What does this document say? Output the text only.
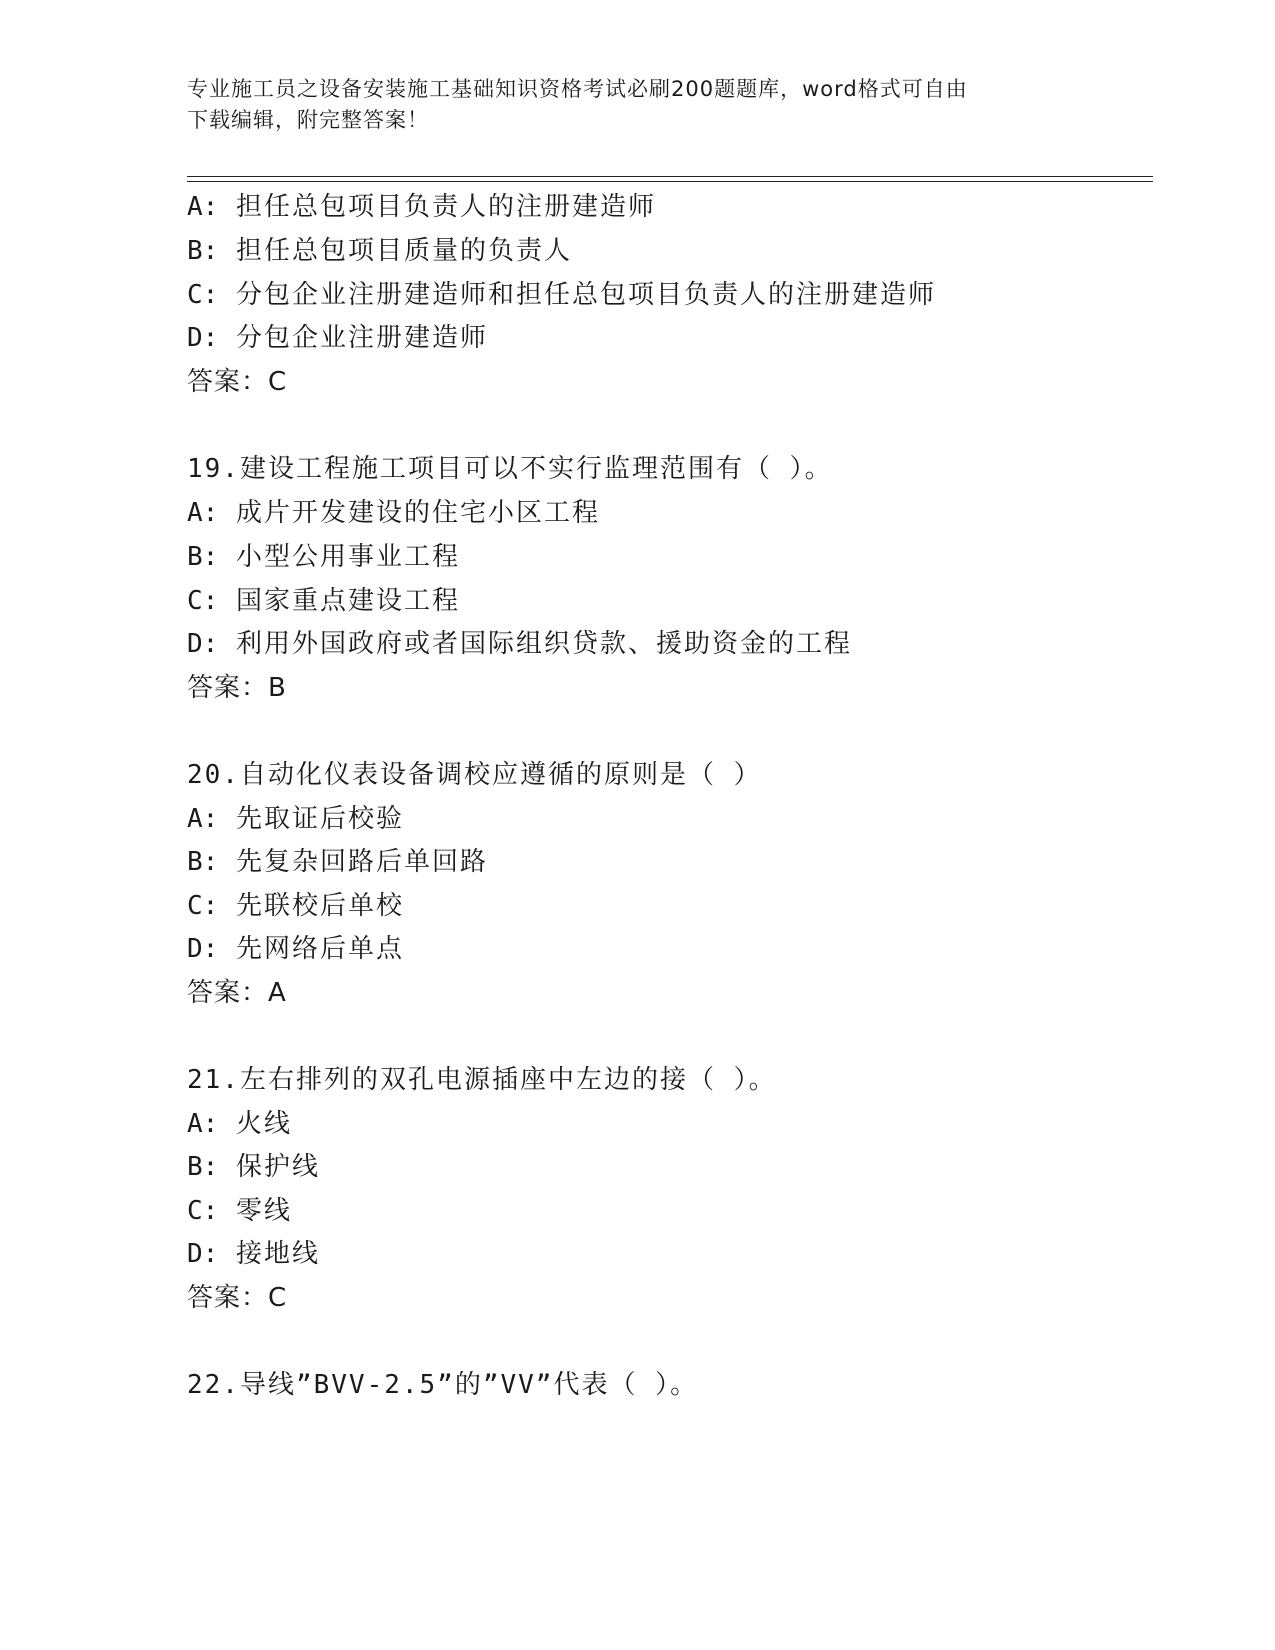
专业施工员之设备安装施工基础知识资格考试必刷200题题库，word格式可自由
下载编辑，附完整答案！
A: 担任总包项目负责人的注册建造师
B: 担任总包项目质量的负责人
C: 分包企业注册建造师和担任总包项目负责人的注册建造师
D: 分包企业注册建造师
答案：C
19.建设工程施工项目可以不实行监理范围有（ ）。
A: 成片开发建设的住宅小区工程
B: 小型公用事业工程
C: 国家重点建设工程
D: 利用外国政府或者国际组织贷款、援助资金的工程
答案：B
20.自动化仪表设备调校应遵循的原则是（ ）
A: 先取证后校验
B: 先复杂回路后单回路
C: 先联校后单校
D: 先网络后单点
答案：A
21.左右排列的双孔电源插座中左边的接（ ）。
A: 火线
B: 保护线
C: 零线
D: 接地线
答案：C
22.导线”BVV-2.5”的”VV”代表（ ）。
